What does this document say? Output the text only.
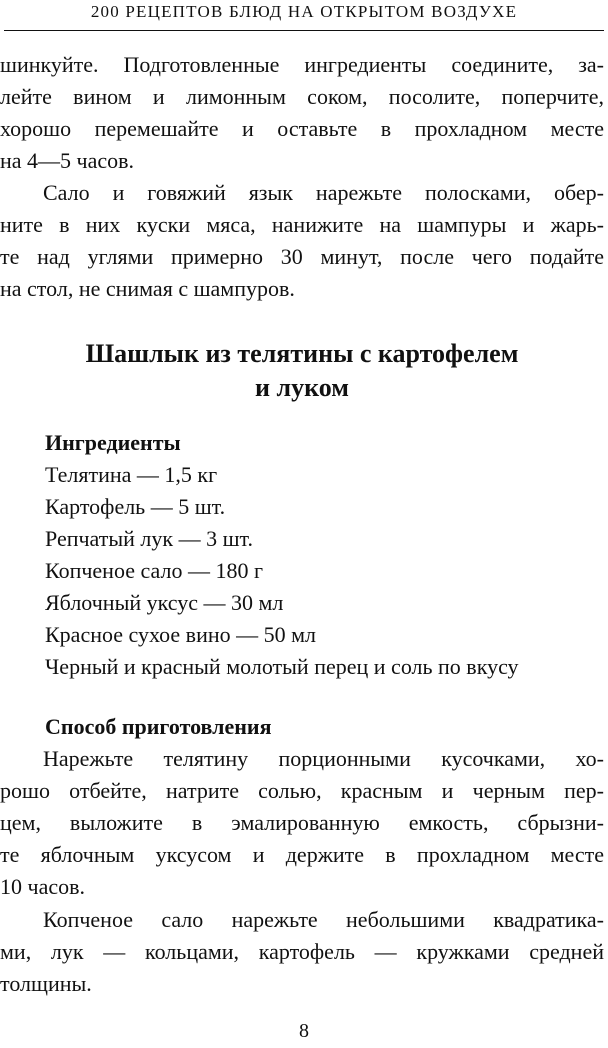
200 РЕЦЕПТОВ БЛЮД НА ОТКРЫТОМ ВОЗДУХЕ
шинкуйте. Подготовленные ингредиенты соедините, за-
лейте вином и лимонным соком, посолите, поперчите,
хорошо перемешайте и оставьте в прохладном месте
на 4—5 часов.
Сало и говяжий язык нарежьте полосками, обер-
ните в них куски мяса, нанижите на шампуры и жарь-
те над углями примерно 30 минут, после чего подайте
на стол, не снимая с шампуров.
Шашлык из телятины с картофелем
и луком
Ингредиенты
Телятина — 1,5 кг
Картофель — 5 шт.
Репчатый лук — 3 шт.
Копченое сало — 180 г
Яблочный уксус — 30 мл
Красное сухое вино — 50 мл
Черный и красный молотый перец и соль по вкусу
Способ приготовления
Нарежьте телятину порционными кусочками, хо-
рошо отбейте, натрите солью, красным и черным пер-
цем, выложите в эмалированную емкость, сбрызни-
те яблочным уксусом и держите в прохладном месте
10 часов.
Копченое сало нарежьте небольшими квадратика-
ми, лук — кольцами, картофель — кружками средней
толщины.
8
